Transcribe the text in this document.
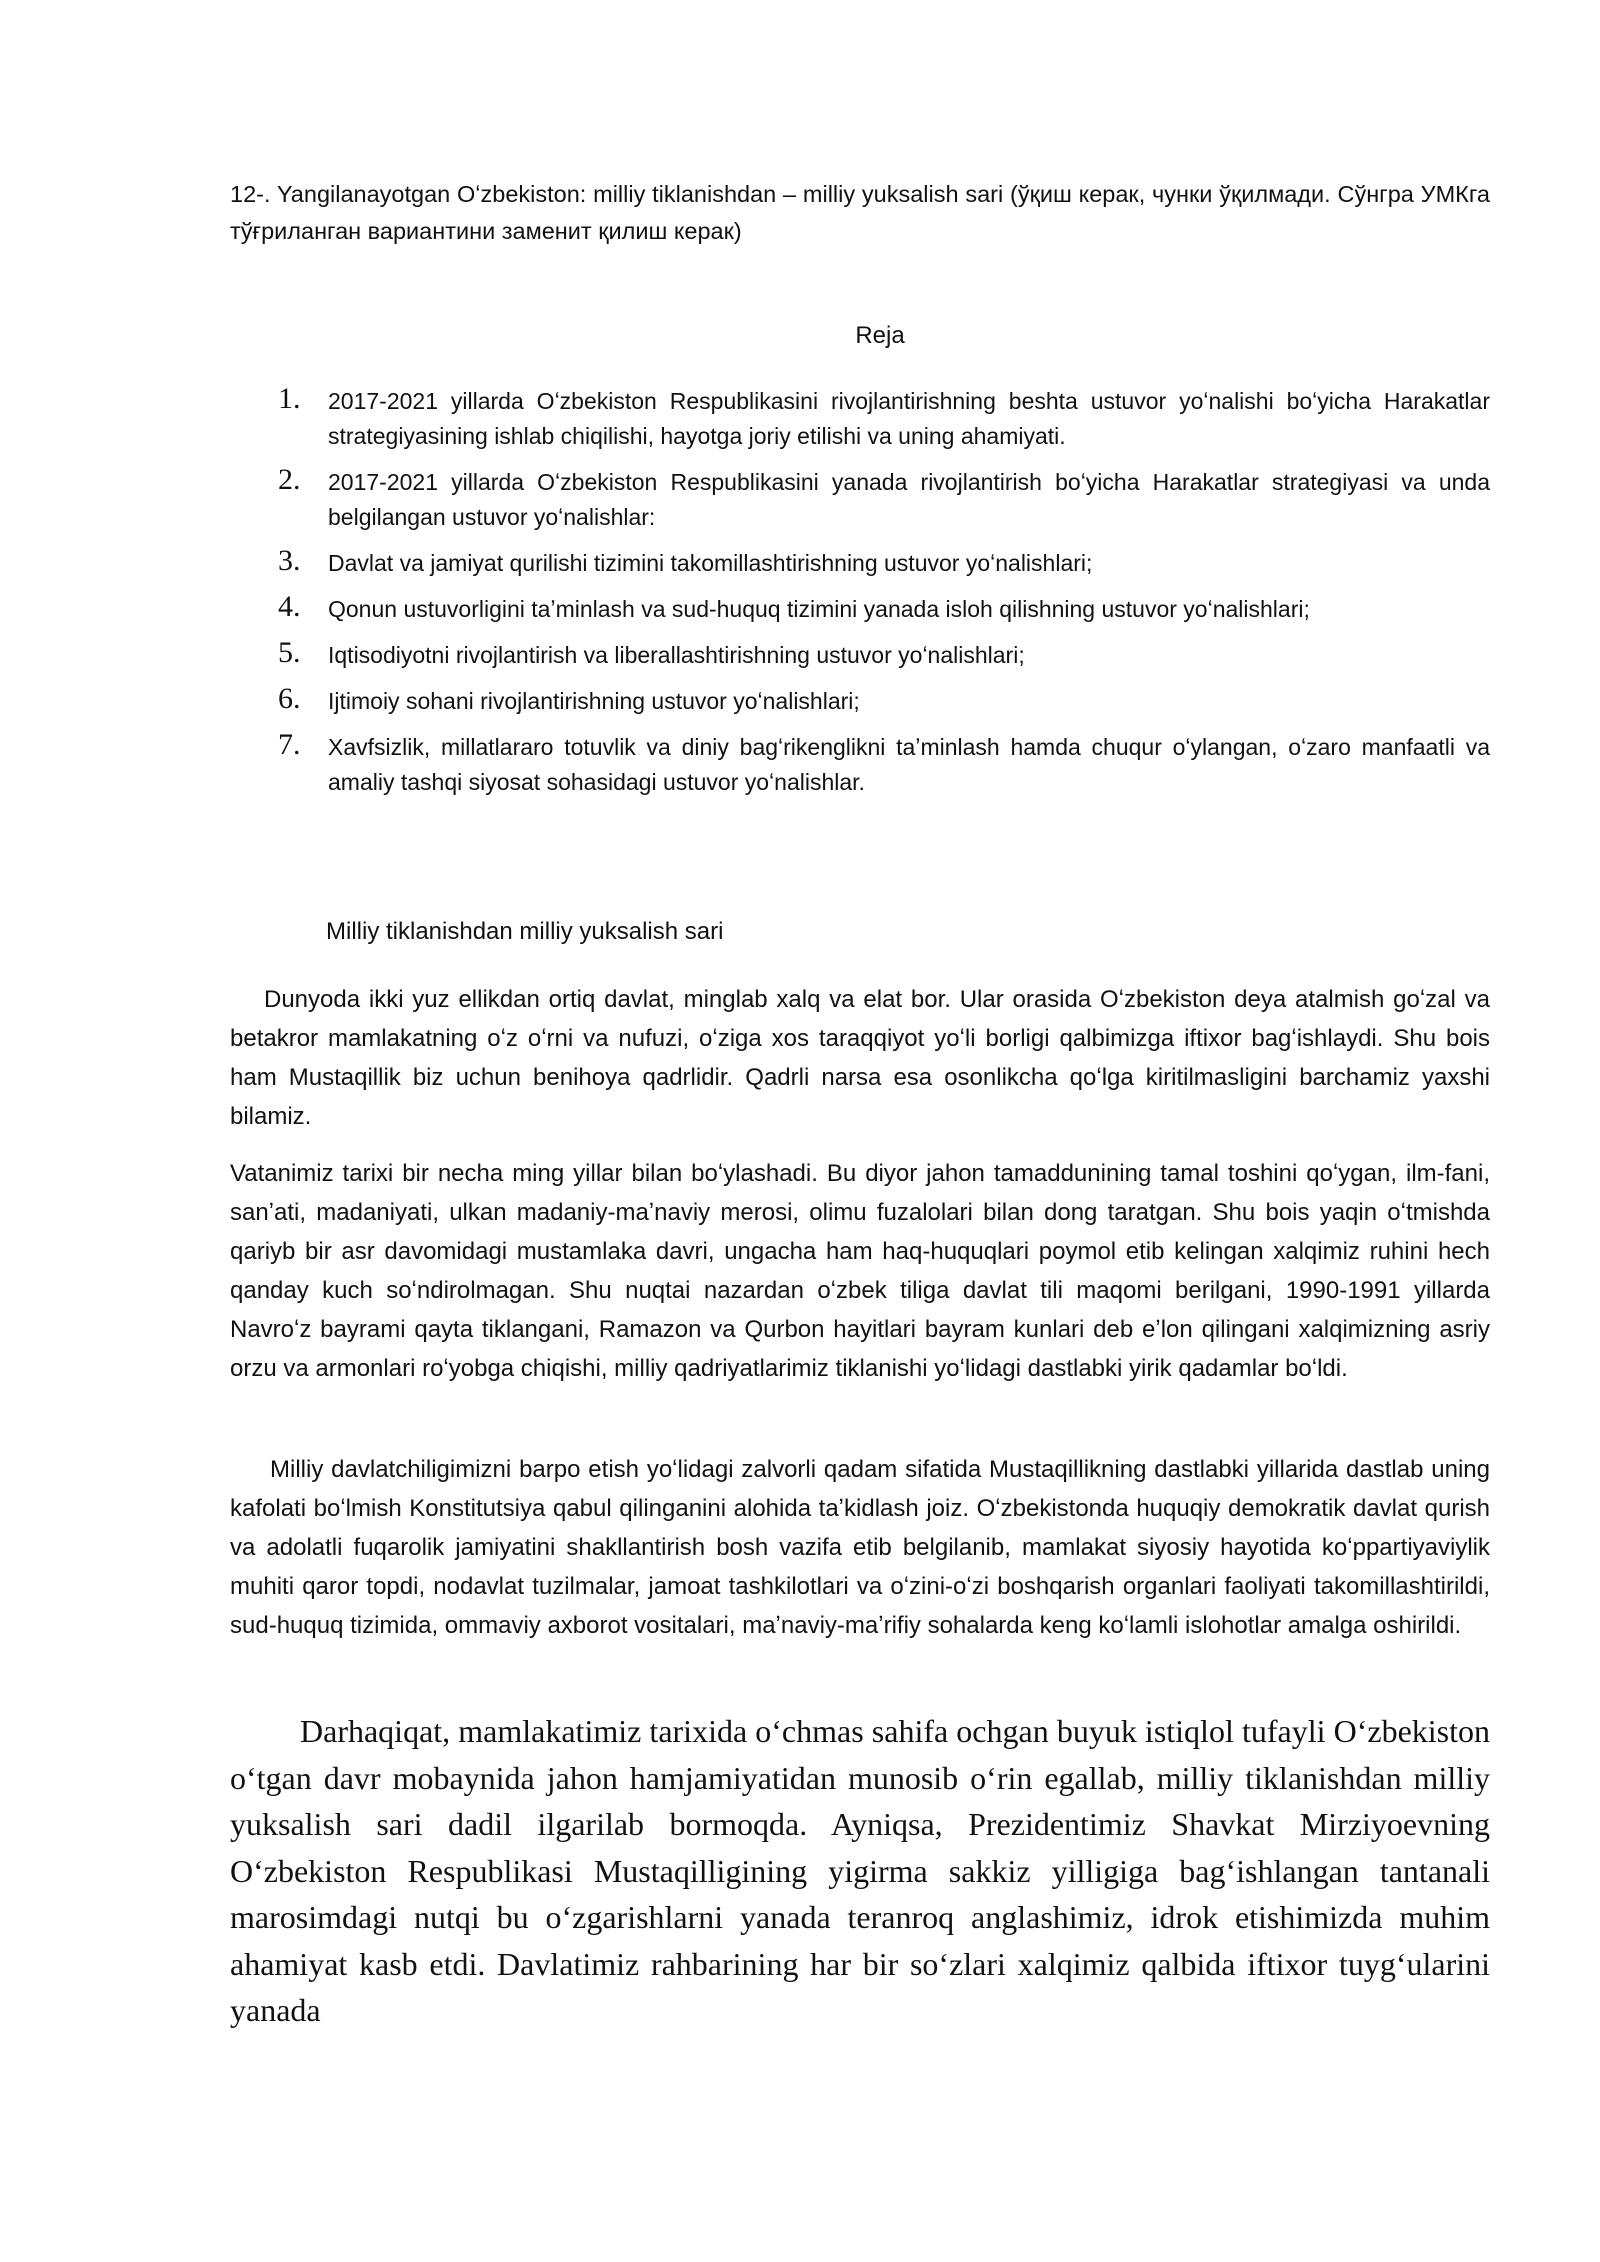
12-. Yangilanayotgan Oʻzbekiston: milliy tiklanishdan – milliy yuksalish sari (ўқиш керак, чунки ўқилмади. Сўнгра УМКга тўғриланган вариантини заменит қилиш керак)

Reja
1. 2017-2021 yillarda Oʻzbekiston Respublikasini rivojlantirishning beshta ustuvor yoʻnalishi boʻyicha Harakatlar strategiyasining ishlab chiqilishi, hayotga joriy etilishi va uning ahamiyati.
2. 2017-2021 yillarda Oʻzbekiston Respublikasini yanada rivojlantirish boʻyicha Harakatlar strategiyasi va unda belgilangan ustuvor yoʻnalishlar:
3. Davlat va jamiyat qurilishi tizimini takomillashtirishning ustuvor yoʻnalishlari;
4. Qonun ustuvorligini taʼminlash va sud-huquq tizimini yanada isloh qilishning ustuvor yoʻnalishlari;
5. Iqtisodiyotni rivojlantirish va liberallashtirishning ustuvor yoʻnalishlari;
6. Ijtimoiy sohani rivojlantirishning ustuvor yoʻnalishlari;
7. Xavfsizlik, millatlararo totuvlik va diniy bagʻrikenglikni taʼminlash hamda chuqur oʻylangan, oʻzaro manfaatli va amaliy tashqi siyosat sohasidagi ustuvor yoʻnalishlar.
Milliy tiklanishdan milliy yuksalish sari

Dunyoda ikki yuz ellikdan ortiq davlat, minglab xalq va elat bor. Ular orasida Oʻzbekiston deya atalmish goʻzal va betakror mamlakatning oʻz oʻrni va nufuzi, oʻziga xos taraqqiyot yoʻli borligi qalbimizga iftixor bagʻishlaydi. Shu bois ham Mustaqillik biz uchun benihoya qadrlidir. Qadrli narsa esa osonlikcha qoʻlga kiritilmasligini barchamiz yaxshi bilamiz.

Vatanimiz tarixi bir necha ming yillar bilan boʻylashadi. Bu diyor jahon tamaddunining tamal toshini qoʻygan, ilm-fani, sanʼati, madaniyati, ulkan madaniy-maʼnaviy merosi, olimu fuzalolari bilan dong taratgan. Shu bois yaqin oʻtmishda qariyb bir asr davomidagi mustamlaka davri, ungacha ham haq-huquqlari poymol etib kelingan xalqimiz ruhini hech qanday kuch soʻndirolmagan. Shu nuqtai nazardan oʻzbek tiliga davlat tili maqomi berilgani, 1990-1991 yillarda Navroʻz bayrami qayta tiklangani, Ramazon va Qurbon hayitlari bayram kunlari deb eʼlon qilingani xalqimizning asriy orzu va armonlari roʻyobga chiqishi, milliy qadriyatlarimiz tiklanishi yoʻlidagi dastlabki yirik qadamlar boʻldi.

Milliy davlatchiligimizni barpo etish yoʻlidagi zalvorli qadam sifatida Mustaqillikning dastlabki yillarida dastlab uning kafolati boʻlmish Konstitutsiya qabul qilinganini alohida taʼkidlash joiz. Oʻzbekistonda huquqiy demokratik davlat qurish va adolatli fuqarolik jamiyatini shakllantirish bosh vazifa etib belgilanib, mamlakat siyosiy hayotida koʻppartiyaviylik muhiti qaror topdi, nodavlat tuzilmalar, jamoat tashkilotlari va oʻzini-oʻzi boshqarish organlari faoliyati takomillashtirildi, sud-huquq tizimida, ommaviy axborot vositalari, maʼnaviy-maʼrifiy sohalarda keng koʻlamli islohotlar amalga oshirildi.

Darhaqiqat, mamlakatimiz tarixida oʻchmas sahifa ochgan buyuk istiqlol tufayli Oʻzbekiston oʻtgan davr mobaynida jahon hamjamiyatidan munosib oʻrin egallab, milliy tiklanishdan milliy yuksalish sari dadil ilgarilab bormoqda. Ayniqsa, Prezidentimiz Shavkat Mirziyoevning Oʻzbekiston Respublikasi Mustaqilligining yigirma sakkiz yilligiga bagʻishlangan tantanali marosimdagi nutqi bu oʻzgarishlarni yanada teranroq anglashimiz, idrok etishimizda muhim ahamiyat kasb etdi. Davlatimiz rahbarining har bir soʻzlari xalqimiz qalbida iftixor tuygʻularini yanada
